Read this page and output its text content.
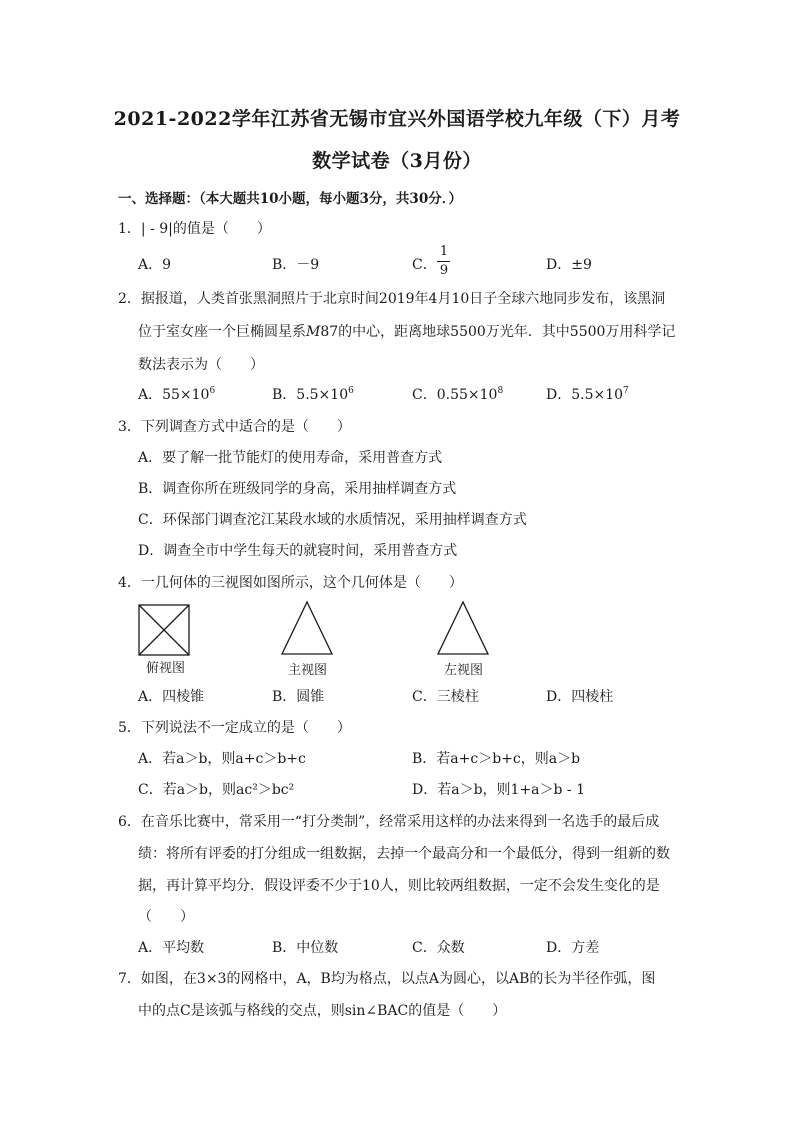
2021-2022学年江苏省无锡市宜兴外国语学校九年级（下）月考
数学试卷（3月份）
一、选择题：（本大题共10小题，每小题3分，共30分．）
1．| - 9|的值是（　　）
A．9	B．－9	C．
1
9	D．±9
2．据报道，人类首张黑洞照片于北京时间2019年4月10日子全球六地同步发布，该黑洞
位于室女座一个巨椭圆星系M87的中心，距离地球5500万光年．其中5500万用科学记
数法表示为（　　）
A．$55\times 10^6$	B．$5.5\times 10^6$	C．$0.55\times 10^8$	D．$5.5\times 10^7$
3．下列调查方式中适合的是（　　）
A．要了解一批节能灯的使用寿命，采用普查方式
B．调查你所在班级同学的身高，采用抽样调查方式
C．环保部门调查沱江某段水域的水质情况，采用抽样调查方式
D．调查全市中学生每天的就寝时间，采用普查方式
4．一几何体的三视图如图所示，这个几何体是（　　）
俯视图	主视图	左视图
A．四棱锥	B．圆锥	C．三棱柱	D．四棱柱
5．下列说法不一定成立的是（　　）
A．若a＞b，则a+c＞b+c	B．若a+c＞b+c，则a＞b
C．若a＞b，则ac²＞bc²	D．若a＞b，则1+a＞b - 1
6．在音乐比赛中，常采用一“打分类制”，经常采用这样的办法来得到一名选手的最后成
绩：将所有评委的打分组成一组数据，去掉一个最高分和一个最低分，得到一组新的数
据，再计算平均分．假设评委不少于10人，则比较两组数据，一定不会发生变化的是
（　　）
A．平均数	B．中位数	C．众数	D．方差
7．如图，在3×3的网格中，A，B均为格点，以点A为圆心，以AB的长为半径作弧，图
中的点C是该弧与格线的交点，则sin∠BAC的值是（　　）
